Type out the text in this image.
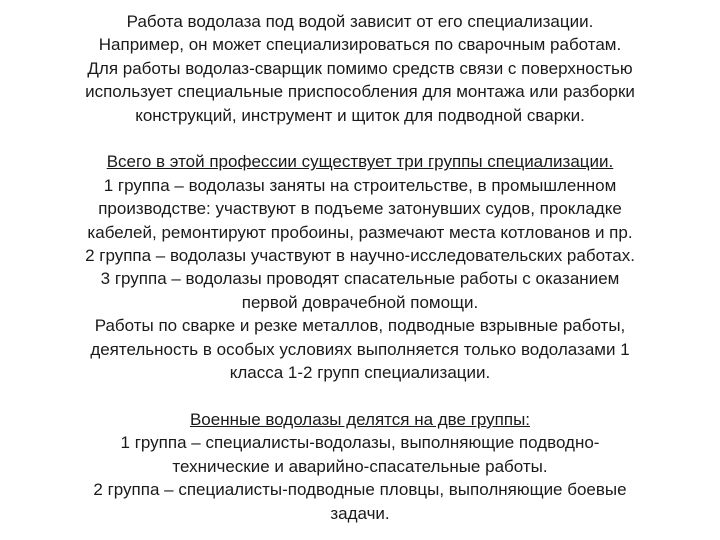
Работа водолаза под водой зависит от его специализации.
Например, он может специализироваться по сварочным работам.
Для работы водолаз-сварщик помимо средств связи с поверхностью
использует специальные приспособления для монтажа или разборки
конструкций, инструмент и щиток для подводной сварки.
Всего в этой профессии существует три группы специализации.
1 группа – водолазы заняты на строительстве, в промышленном
производстве: участвуют в подъеме затонувших судов, прокладке
кабелей, ремонтируют пробоины, размечают места котлованов и пр.
2 группа – водолазы участвуют в научно-исследовательских работах.
3 группа – водолазы проводят спасательные работы с оказанием
первой доврачебной помощи.
Работы по сварке и резке металлов, подводные взрывные работы,
деятельность в особых условиях выполняется только водолазами 1
класса 1-2 групп специализации.
Военные водолазы делятся на две группы:
1 группа – специалисты-водолазы, выполняющие подводно-
технические и аварийно-спасательные работы.
2 группа – специалисты-подводные пловцы, выполняющие боевые
задачи.
